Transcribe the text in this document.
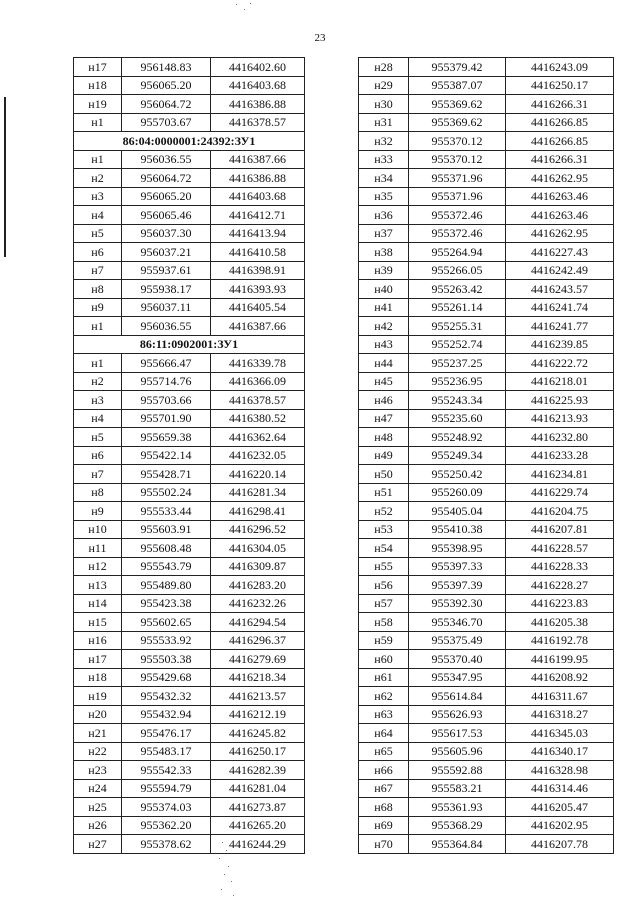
23
н17	956148.83	4416402.60
н18	956065.20	4416403.68
н19	956064.72	4416386.88
н1	955703.67	4416378.57
86:04:0000001:24392:ЗУ1		
н1	956036.55	4416387.66
н2	956064.72	4416386.88
н3	956065.20	4416403.68
н4	956065.46	4416412.71
н5	956037.30	4416413.94
н6	956037.21	4416410.58
н7	955937.61	4416398.91
н8	955938.17	4416393.93
н9	956037.11	4416405.54
н1	956036.55	4416387.66
86:11:0902001:ЗУ1		
н1	955666.47	4416339.78
н2	955714.76	4416366.09
н3	955703.66	4416378.57
н4	955701.90	4416380.52
н5	955659.38	4416362.64
н6	955422.14	4416232.05
н7	955428.71	4416220.14
н8	955502.24	4416281.34
н9	955533.44	4416298.41
н10	955603.91	4416296.52
н11	955608.48	4416304.05
н12	955543.79	4416309.87
н13	955489.80	4416283.20
н14	955423.38	4416232.26
н15	955602.65	4416294.54
н16	955533.92	4416296.37
н17	955503.38	4416279.69
н18	955429.68	4416218.34
н19	955432.32	4416213.57
н20	955432.94	4416212.19
н21	955476.17	4416245.82
н22	955483.17	4416250.17
н23	955542.33	4416282.39
н24	955594.79	4416281.04
н25	955374.03	4416273.87
н26	955362.20	4416265.20
н27	955378.62	4416244.29
н28	955379.42	4416243.09
н29	955387.07	4416250.17
н30	955369.62	4416266.31
н31	955369.62	4416266.85
н32	955370.12	4416266.85
н33	955370.12	4416266.31
н34	955371.96	4416262.95
н35	955371.96	4416263.46
н36	955372.46	4416263.46
н37	955372.46	4416262.95
н38	955264.94	4416227.43
н39	955266.05	4416242.49
н40	955263.42	4416243.57
н41	955261.14	4416241.74
н42	955255.31	4416241.77
н43	955252.74	4416239.85
н44	955237.25	4416222.72
н45	955236.95	4416218.01
н46	955243.34	4416225.93
н47	955235.60	4416213.93
н48	955248.92	4416232.80
н49	955249.34	4416233.28
н50	955250.42	4416234.81
н51	955260.09	4416229.74
н52	955405.04	4416204.75
н53	955410.38	4416207.81
н54	955398.95	4416228.57
н55	955397.33	4416228.33
н56	955397.39	4416228.27
н57	955392.30	4416223.83
н58	955346.70	4416205.38
н59	955375.49	4416192.78
н60	955370.40	4416199.95
н61	955347.95	4416208.92
н62	955614.84	4416311.67
н63	955626.93	4416318.27
н64	955617.53	4416345.03
н65	955605.96	4416340.17
н66	955592.88	4416328.98
н67	955583.21	4416314.46
н68	955361.93	4416205.47
н69	955368.29	4416202.95
н70	955364.84	4416207.78
